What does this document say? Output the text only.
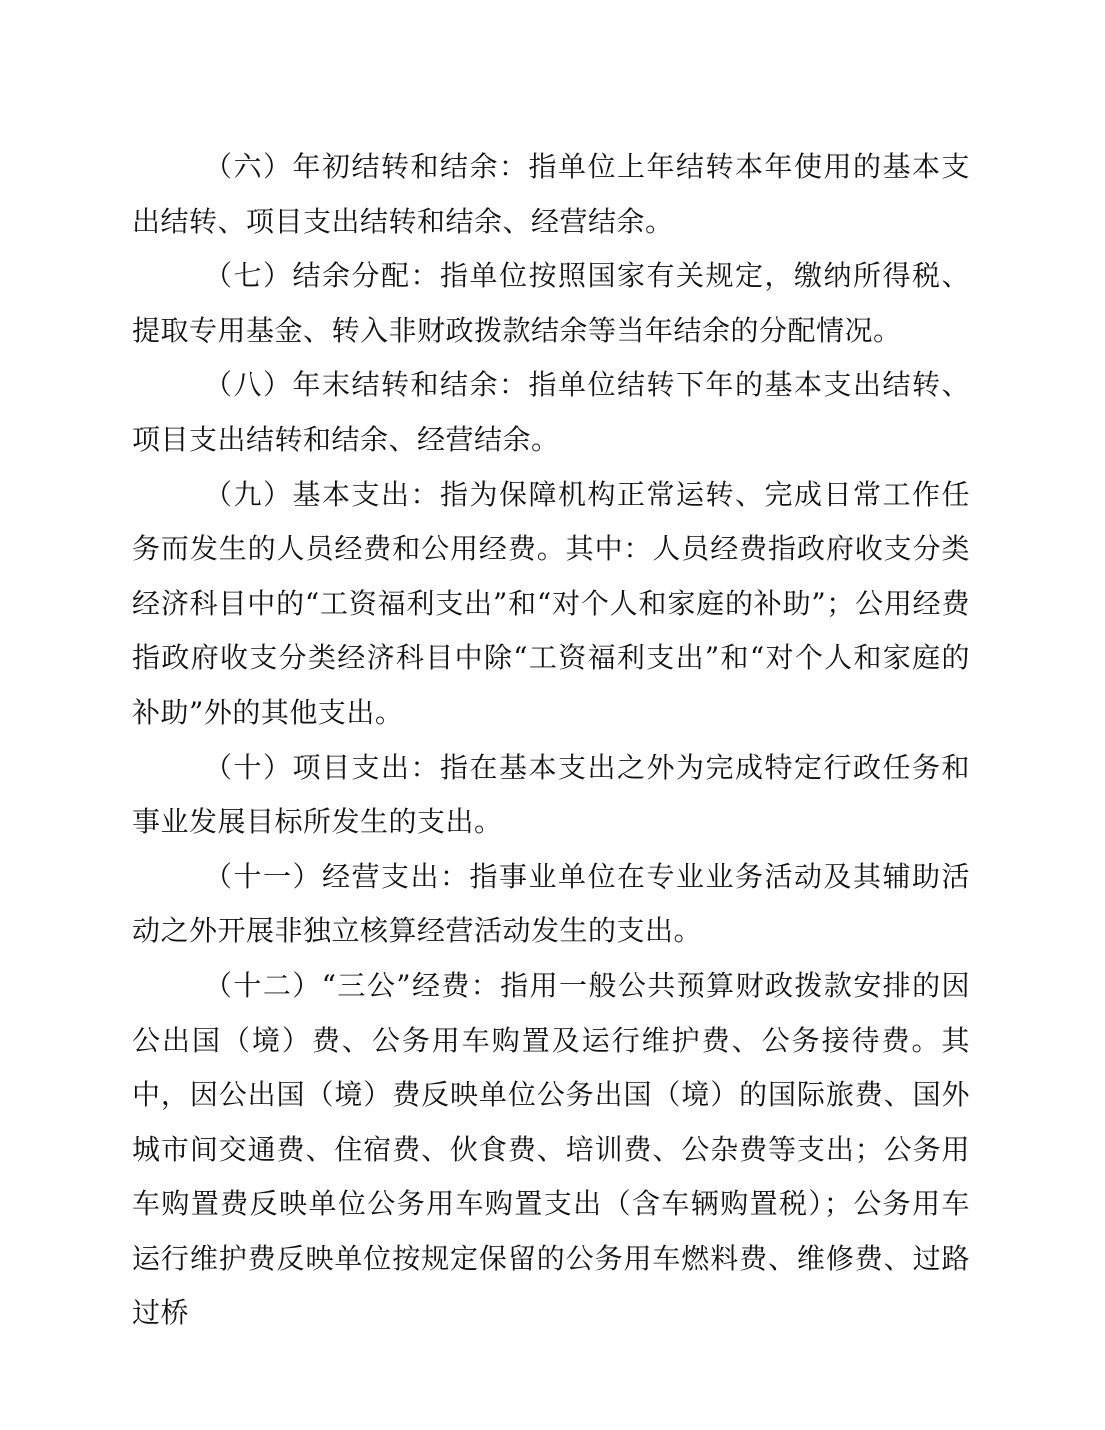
（六）年初结转和结余：指单位上年结转本年使用的基本支出结转、项目支出结转和结余、经营结余。

（七）结余分配：指单位按照国家有关规定，缴纳所得税、提取专用基金、转入非财政拨款结余等当年结余的分配情况。

（八）年末结转和结余：指单位结转下年的基本支出结转、项目支出结转和结余、经营结余。

（九）基本支出：指为保障机构正常运转、完成日常工作任务而发生的人员经费和公用经费。其中：人员经费指政府收支分类经济科目中的“工资福利支出”和“对个人和家庭的补助”；公用经费指政府收支分类经济科目中除“工资福利支出”和“对个人和家庭的补助”外的其他支出。

（十）项目支出：指在基本支出之外为完成特定行政任务和事业发展目标所发生的支出。

（十一）经营支出：指事业单位在专业业务活动及其辅助活动之外开展非独立核算经营活动发生的支出。

（十二）“三公”经费：指用一般公共预算财政拨款安排的因公出国（境）费、公务用车购置及运行维护费、公务接待费。其中，因公出国（境）费反映单位公务出国（境）的国际旅费、国外城市间交通费、住宿费、伙食费、培训费、公杂费等支出；公务用车购置费反映单位公务用车购置支出（含车辆购置税）；公务用车运行维护费反映单位按规定保留的公务用车燃料费、维修费、过路过桥
